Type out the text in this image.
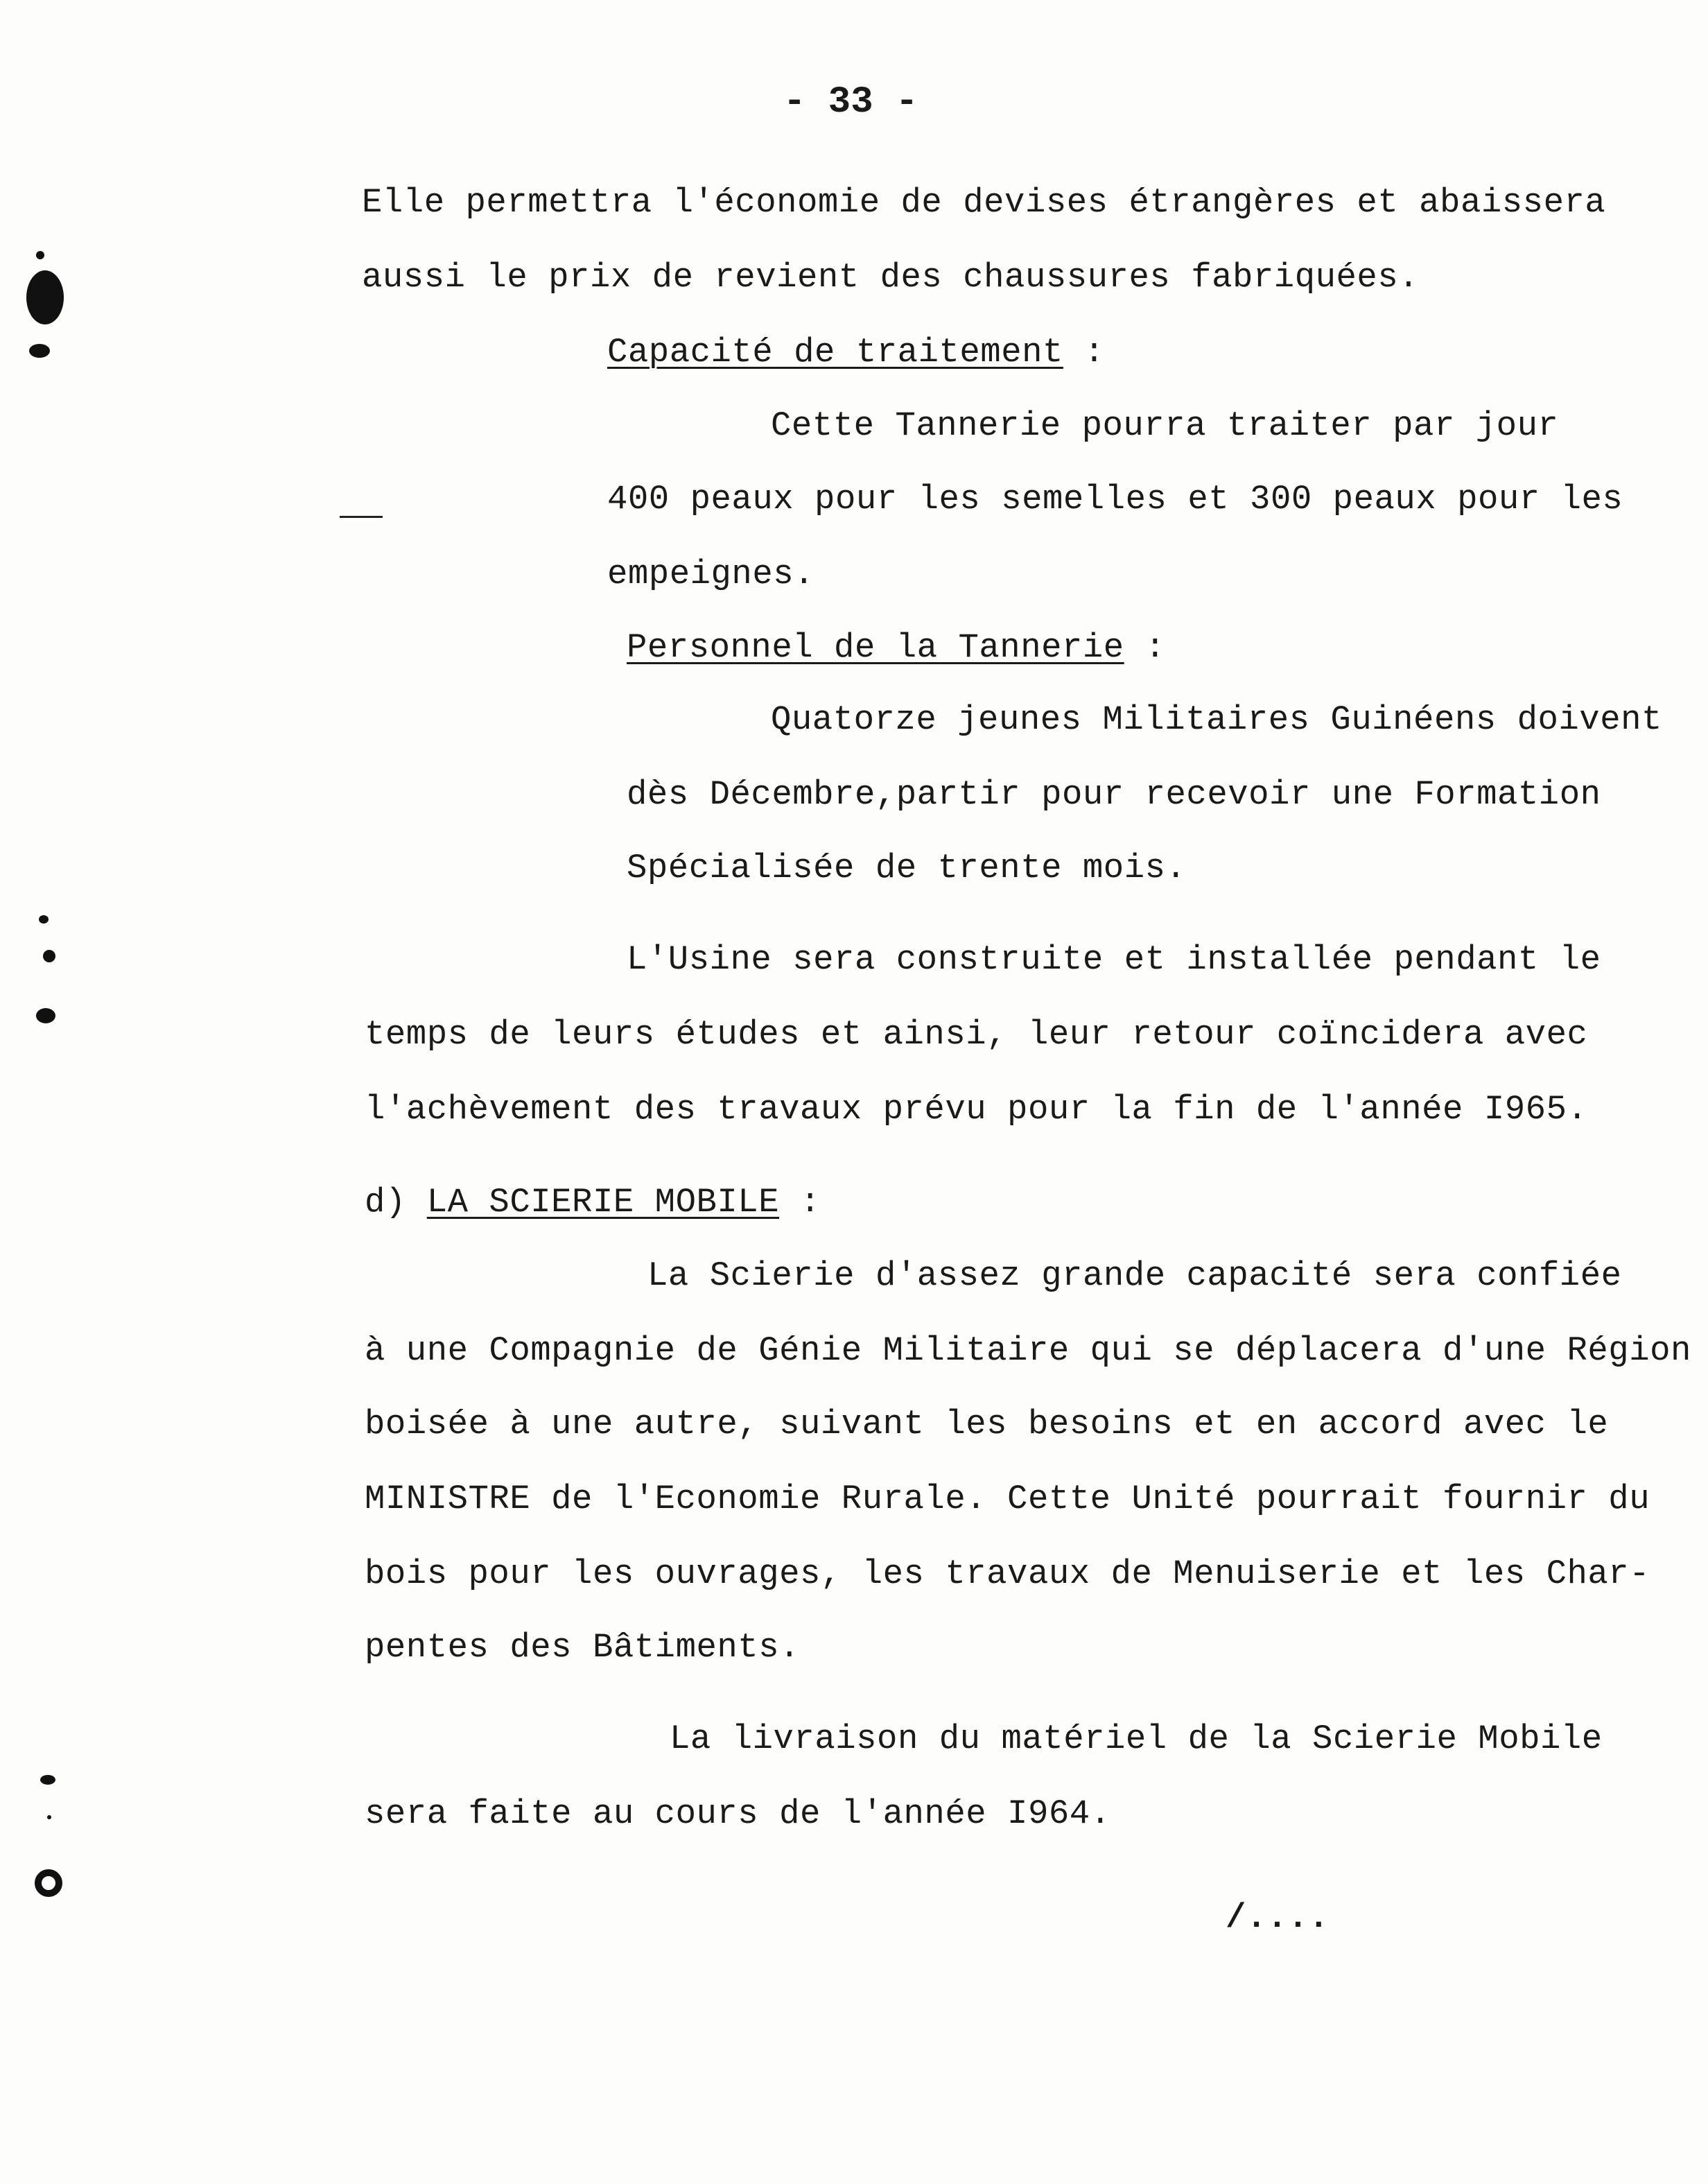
- 33 -
Elle permettra l'économie de devises étrangères et abaissera
aussi le prix de revient des chaussures fabriquées.
Capacité de traitement :
Cette Tannerie pourra traiter par jour
400 peaux pour les semelles et 300 peaux pour les
empeignes.
Personnel de la Tannerie :
Quatorze jeunes Militaires Guinéens doivent
dès Décembre,partir pour recevoir une Formation
Spécialisée de trente mois.
L'Usine sera construite et installée pendant le
temps de leurs études et ainsi, leur retour coïncidera avec
l'achèvement des travaux prévu pour la fin de l'année I965.
d) LA SCIERIE MOBILE :
La Scierie d'assez grande capacité sera confiée
à une Compagnie de Génie Militaire qui se déplacera d'une Région
boisée à une autre, suivant les besoins et en accord avec le
MINISTRE de l'Economie Rurale. Cette Unité pourrait fournir du
bois pour les ouvrages, les travaux de Menuiserie et les Char-
pentes des Bâtiments.
La livraison du matériel de la Scierie Mobile
sera faite au cours de l'année I964.
/....
